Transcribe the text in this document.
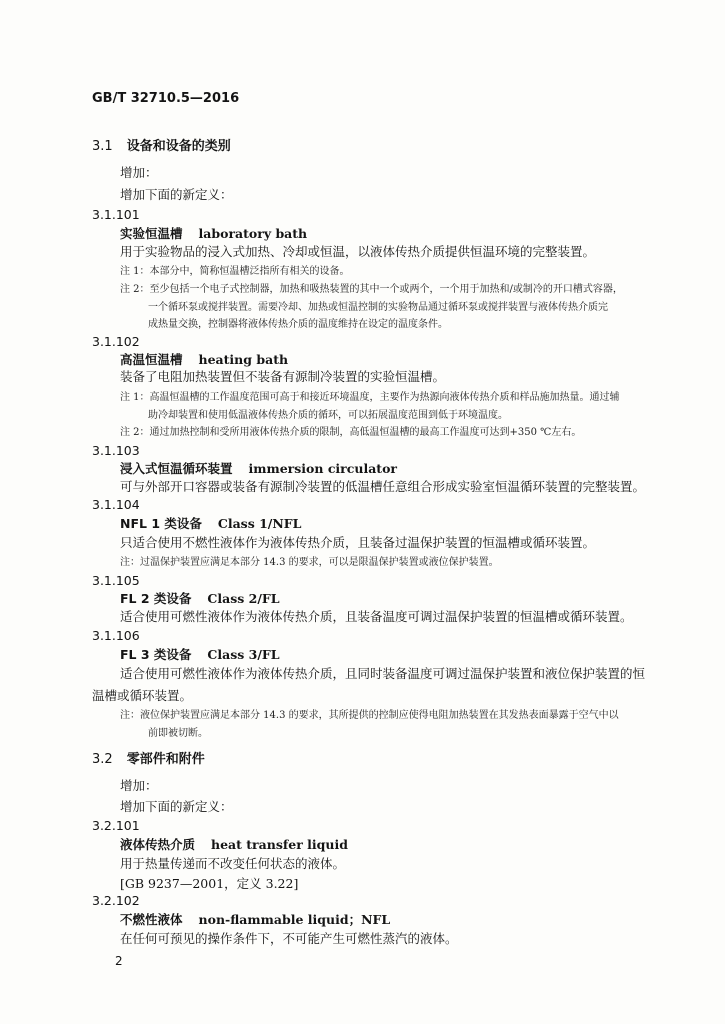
GB/T 32710.5—2016
3.1 设备和设备的类别
增加：
增加下面的新定义：
3.1.101
实验恒温槽 laboratory bath
用于实验物品的浸入式加热、冷却或恒温，以液体传热介质提供恒温环境的完整装置。
注 1：本部分中，简称恒温槽泛指所有相关的设备。
注 2：至少包括一个电子式控制器，加热和吸热装置的其中一个或两个，一个用于加热和/或制冷的开口槽式容器，
一个循环泵或搅拌装置。需要冷却、加热或恒温控制的实验物品通过循环泵或搅拌装置与液体传热介质完
成热量交换，控制器将液体传热介质的温度维持在设定的温度条件。
3.1.102
高温恒温槽 heating bath
装备了电阻加热装置但不装备有源制冷装置的实验恒温槽。
注 1：高温恒温槽的工作温度范围可高于和接近环境温度，主要作为热源向液体传热介质和样品施加热量。通过辅
助冷却装置和使用低温液体传热介质的循环，可以拓展温度范围到低于环境温度。
注 2：通过加热控制和受所用液体传热介质的限制，高低温恒温槽的最高工作温度可达到+350 ℃左右。
3.1.103
浸入式恒温循环装置 immersion circulator
可与外部开口容器或装备有源制冷装置的低温槽任意组合形成实验室恒温循环装置的完整装置。
3.1.104
NFL 1 类设备 Class 1/NFL
只适合使用不燃性液体作为液体传热介质，且装备过温保护装置的恒温槽或循环装置。
注：过温保护装置应满足本部分 14.3 的要求，可以是限温保护装置或液位保护装置。
3.1.105
FL 2 类设备 Class 2/FL
适合使用可燃性液体作为液体传热介质，且装备温度可调过温保护装置的恒温槽或循环装置。
3.1.106
FL 3 类设备 Class 3/FL
适合使用可燃性液体作为液体传热介质，且同时装备温度可调过温保护装置和液位保护装置的恒
温槽或循环装置。
注：液位保护装置应满足本部分 14.3 的要求，其所提供的控制应使得电阻加热装置在其发热表面暴露于空气中以
前即被切断。
3.2 零部件和附件
增加：
增加下面的新定义：
3.2.101
液体传热介质 heat transfer liquid
用于热量传递而不改变任何状态的液体。
[GB 9237—2001，定义 3.22]
3.2.102
不燃性液体 non-flammable liquid；NFL
在任何可预见的操作条件下，不可能产生可燃性蒸汽的液体。
2
